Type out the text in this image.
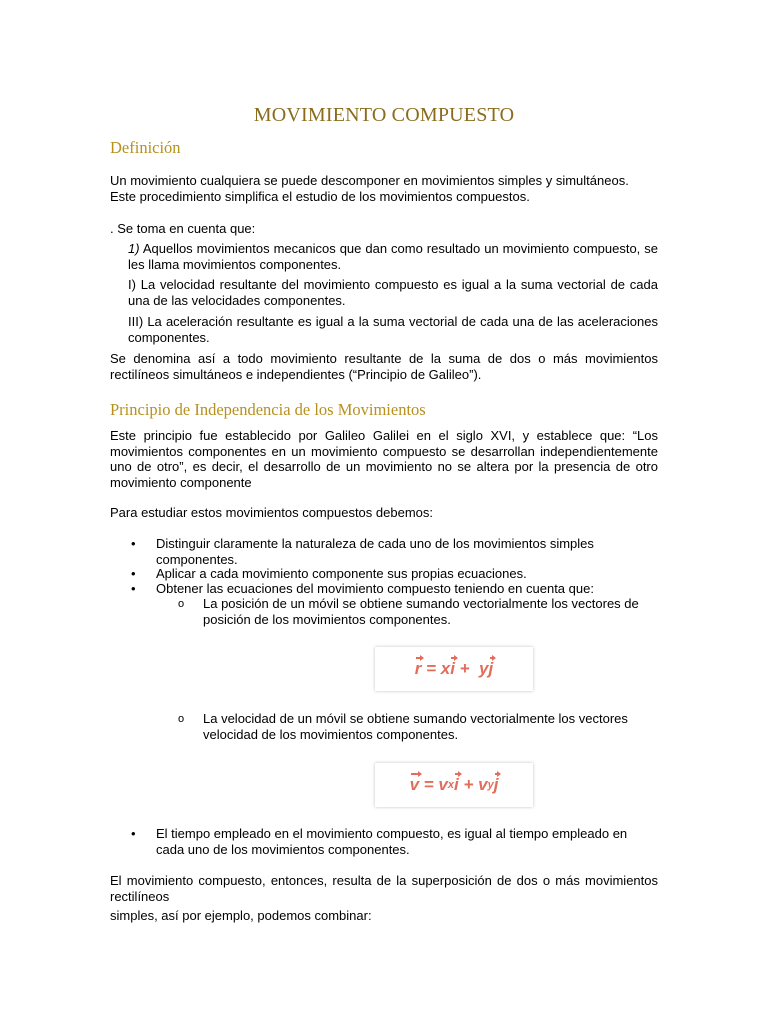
MOVIMIENTO COMPUESTO
Definición
Un movimiento cualquiera se puede descomponer en movimientos simples y simultáneos. Este procedimiento simplifica el estudio de los movimientos compuestos.
. Se toma en cuenta que:
1) Aquellos movimientos mecanicos que dan como resultado un movimiento compuesto, se les llama movimientos componentes.
I) La velocidad resultante del movimiento compuesto es igual a la suma vectorial de cada una de las velocidades componentes.
III) La aceleración resultante es igual a la suma vectorial de cada una de las aceleraciones componentes.
Se denomina así a todo movimiento resultante de la suma de dos o más movimientos rectilíneos simultáneos e independientes (“Principio de Galileo”).
Principio de Independencia de los Movimientos
Este principio fue establecido por Galileo Galilei en el siglo XVI, y establece que: “Los movimientos componentes en un movimiento compuesto se desarrollan independientemente uno de otro”, es decir, el desarrollo de un movimiento no se altera por la presencia de otro movimiento componente
Para estudiar estos movimientos compuestos debemos:
• Distinguir claramente la naturaleza de cada uno de los movimientos simples componentes.
• Aplicar a cada movimiento componente sus propias ecuaciones.
• Obtener las ecuaciones del movimiento compuesto teniendo en cuenta que:
o La posición de un móvil se obtiene sumando vectorialmente los vectores de posición de los movimientos componentes.
r = x i + y j
o La velocidad de un móvil se obtiene sumando vectorialmente los vectores velocidad de los movimientos componentes.
v = v x i + v y j
• El tiempo empleado en el movimiento compuesto, es igual al tiempo empleado en cada uno de los movimientos componentes.
El movimiento compuesto, entonces, resulta de la superposición de dos o más movimientos rectilíneos
simples, así por ejemplo, podemos combinar:
